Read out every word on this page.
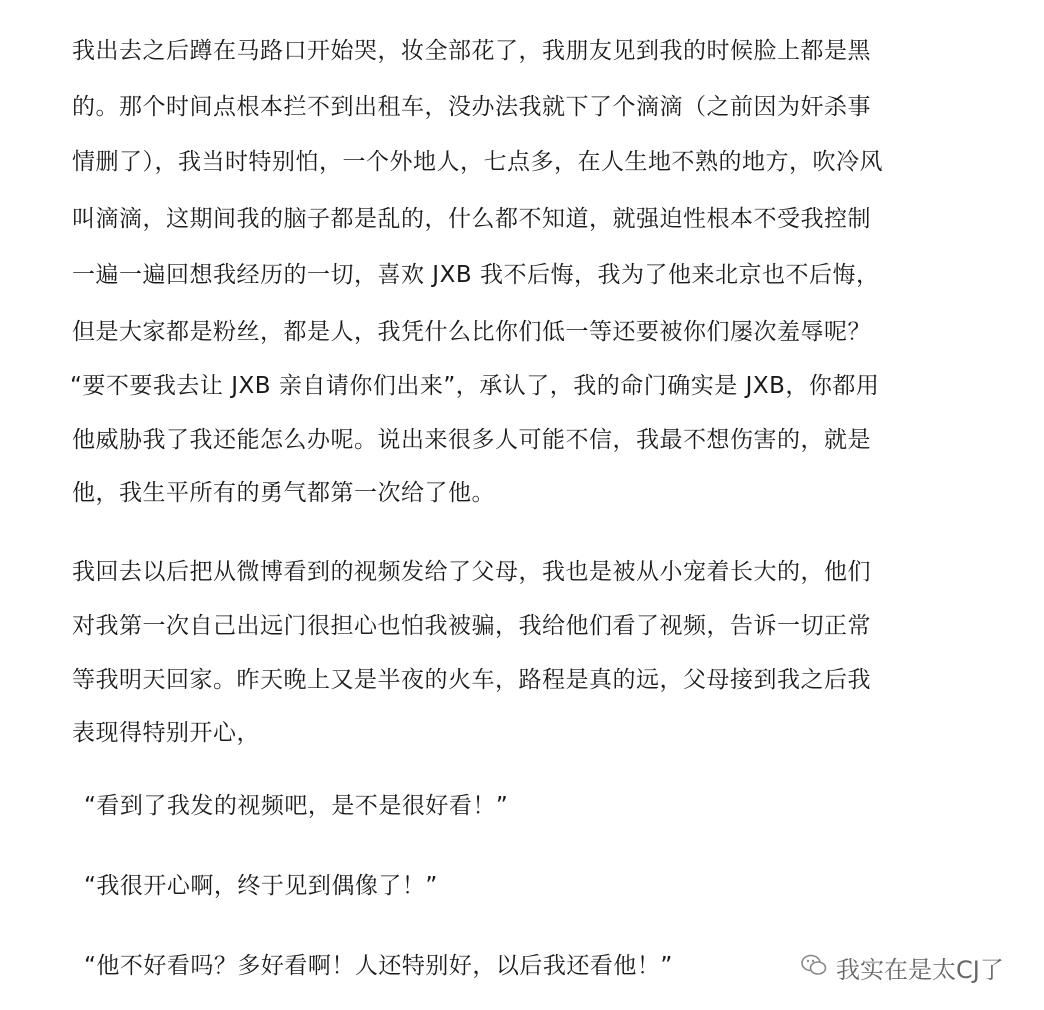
我出去之后蹲在马路口开始哭，妆全部花了，我朋友见到我的时候脸上都是黑
的。那个时间点根本拦不到出租车，没办法我就下了个滴滴（之前因为奸杀事
情删了），我当时特别怕，一个外地人，七点多，在人生地不熟的地方，吹冷风
叫滴滴，这期间我的脑子都是乱的，什么都不知道，就强迫性根本不受我控制
一遍一遍回想我经历的一切，喜欢 JXB 我不后悔，我为了他来北京也不后悔，
但是大家都是粉丝，都是人，我凭什么比你们低一等还要被你们屡次羞辱呢？
“要不要我去让 JXB 亲自请你们出来”，承认了，我的命门确实是 JXB，你都用
他威胁我了我还能怎么办呢。说出来很多人可能不信，我最不想伤害的，就是
他，我生平所有的勇气都第一次给了他。
我回去以后把从微博看到的视频发给了父母，我也是被从小宠着长大的，他们
对我第一次自己出远门很担心也怕我被骗，我给他们看了视频，告诉一切正常
等我明天回家。昨天晚上又是半夜的火车，路程是真的远，父母接到我之后我
表现得特别开心，
“看到了我发的视频吧，是不是很好看！”
“我很开心啊，终于见到偶像了！”
“他不好看吗？多好看啊！人还特别好，以后我还看他！”	我实在是太CJ了
